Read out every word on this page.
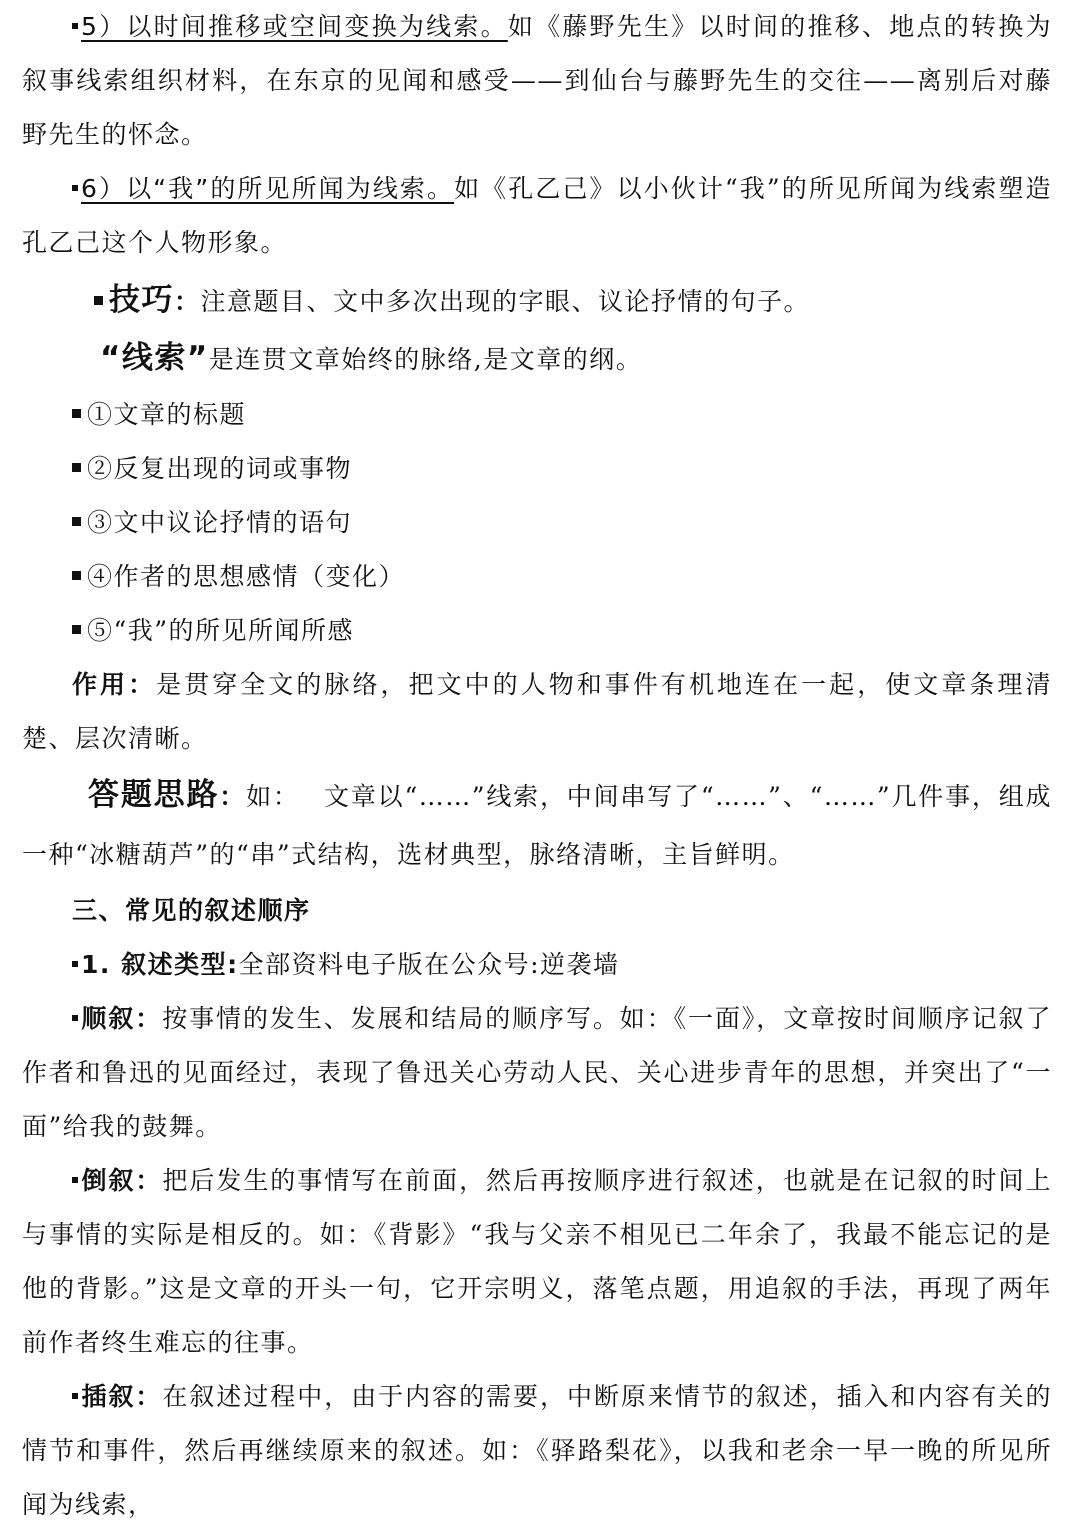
5）以时间推移或空间变换为线索。如《藤野先生》以时间的推移、地点的转换为叙事线索组织材料，在东京的见闻和感受——到仙台与藤野先生的交往——离别后对藤野先生的怀念。

6）以“我”的所见所闻为线索。如《孔乙己》以小伙计“我”的所见所闻为线索塑造孔乙己这个人物形象。

技巧：注意题目、文中多次出现的字眼、议论抒情的句子。

“线索”是连贯文章始终的脉络,是文章的纲。

①文章的标题
②反复出现的词或事物
③文中议论抒情的语句
④作者的思想感情（变化）
⑤“我”的所见所闻所感

作用：是贯穿全文的脉络，把文中的人物和事件有机地连在一起，使文章条理清楚、层次清晰。

答题思路：如： 文章以“……”线索，中间串写了“……”、“……”几件事，组成一种“冰糖葫芦”的“串”式结构，选材典型，脉络清晰，主旨鲜明。

三、常见的叙述顺序

1. 叙述类型:全部资料电子版在公众号:逆袭墙

顺叙：按事情的发生、发展和结局的顺序写。如：《一面》，文章按时间顺序记叙了作者和鲁迅的见面经过，表现了鲁迅关心劳动人民、关心进步青年的思想，并突出了“一面”给我的鼓舞。

倒叙：把后发生的事情写在前面，然后再按顺序进行叙述，也就是在记叙的时间上与事情的实际是相反的。如：《背影》“我与父亲不相见已二年余了，我最不能忘记的是他的背影。”这是文章的开头一句，它开宗明义，落笔点题，用追叙的手法，再现了两年前作者终生难忘的往事。

插叙：在叙述过程中，由于内容的需要，中断原来情节的叙述，插入和内容有关的情节和事件，然后再继续原来的叙述。如：《驿路梨花》，以我和老余一早一晚的所见所闻为线索，
